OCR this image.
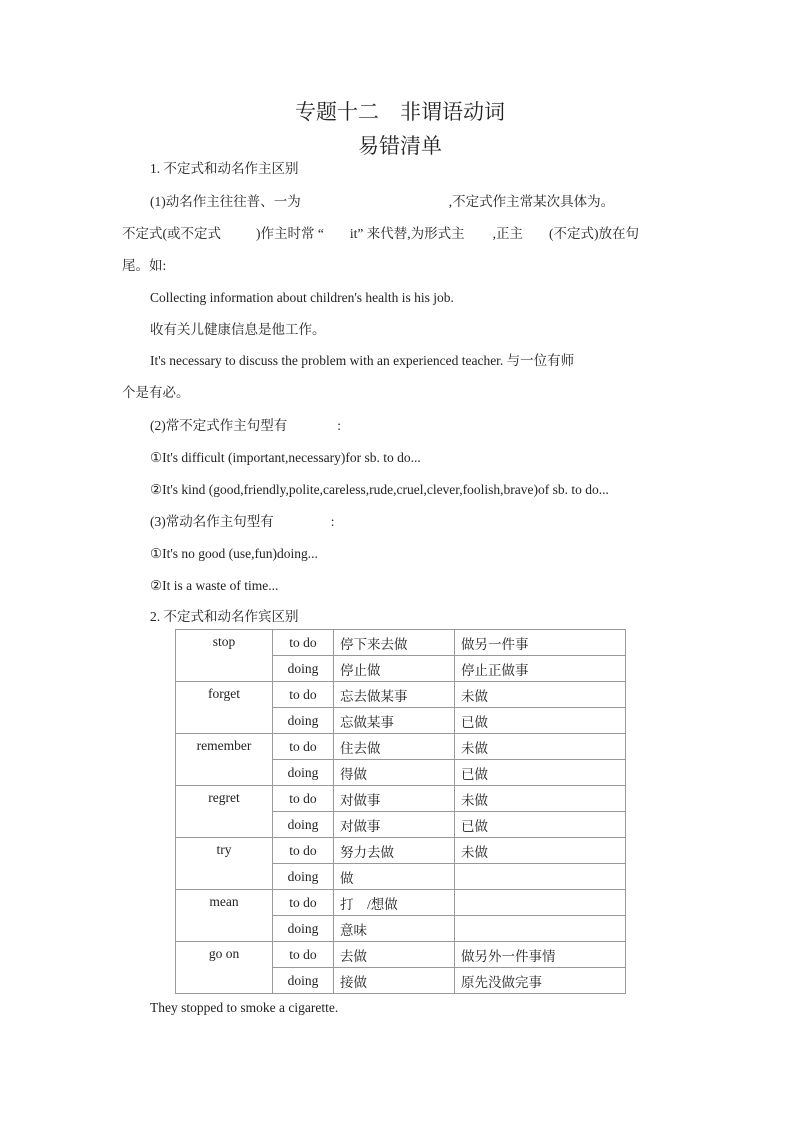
专题十二　非谓语动词
易错清单
1. 不定式和动名作主区别
(1)动名作主往往普、一为	,不定式作主常某次具体为。
不定式(或不定式	)作主时常 “ it” 来代替,为形式主 ,正主 (不定式)放在句
尾。如:
Collecting information about children's health is his job.
收有关儿健康信息是他工作。
It's necessary to discuss the problem with an experienced teacher. 与一位有师
个是有必。
(2)常不定式作主句型有	:
①It's difficult (important,necessary)for sb. to do...
②It's kind (good,friendly,polite,careless,rude,cruel,clever,foolish,brave)of sb. to do...
(3)常动名作主句型有	:
①It's no good (use,fun)doing...
②It is a waste of time...
2. 不定式和动名作宾区别
stop	to do	停下来去做	做另一件事
	doing	停止做	停止正做事
forget	to do	忘去做某事	未做
	doing	忘做某事	已做
remember	to do	住去做	未做
	doing	得做	已做
regret	to do	对做事	未做
	doing	对做事	已做
try	to do	努力去做	未做
	doing	做	
mean	to do	打　/想做	
	doing	意味	
go on	to do	去做	做另外一件事情
	doing	接做	原先没做完事
They stopped to smoke a cigarette.
